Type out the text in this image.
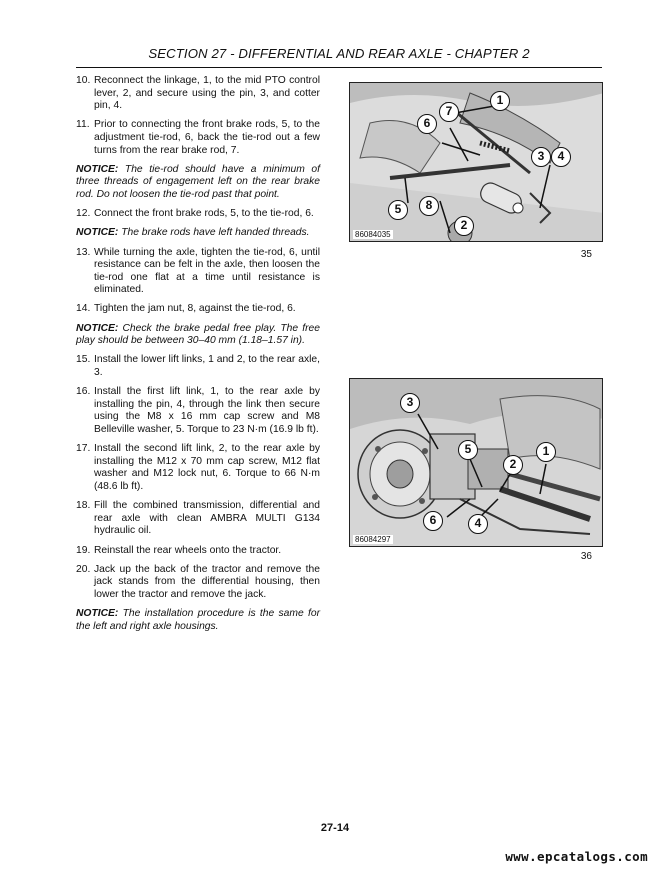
SECTION 27 - DIFFERENTIAL AND REAR AXLE - CHAPTER 2
10. Reconnect the linkage, 1, to the mid PTO control lever, 2, and secure using the pin, 3, and cotter pin, 4.
11. Prior to connecting the front brake rods, 5, to the adjustment tie-rod, 6, back the tie-rod out a few turns from the rear brake rod, 7.
NOTICE: The tie-rod should have a minimum of three threads of engagement left on the rear brake rod. Do not loosen the tie-rod past that point.
12. Connect the front brake rods, 5, to the tie-rod, 6.
NOTICE: The brake rods have left handed threads.
13. While turning the axle, tighten the tie-rod, 6, until resistance can be felt in the axle, then loosen the tie-rod one flat at a time until resistance is eliminated.
14. Tighten the jam nut, 8, against the tie-rod, 6.
NOTICE: Check the brake pedal free play. The free play should be between 30–40 mm (1.18–1.57 in).
15. Install the lower lift links, 1 and 2, to the rear axle, 3.
16. Install the first lift link, 1, to the rear axle by installing the pin, 4, through the link then secure using the M8 x 16 mm cap screw and M8 Belleville washer, 5. Torque to 23 N·m (16.9 lb ft).
17. Install the second lift link, 2, to the rear axle by installing the M12 x 70 mm cap screw, M12 flat washer and M12 lock nut, 6. Torque to 66 N·m (48.6 lb ft).
18. Fill the combined transmission, differential and rear axle with clean AMBRA MULTI G134 hydraulic oil.
19. Reinstall the rear wheels onto the tractor.
20. Jack up the back of the tractor and remove the jack stands from the differential housing, then lower the tractor and remove the jack.
NOTICE: The installation procedure is the same for the left and right axle housings.
1
7
6
3	4
5	8
2
86084035
35
3
5
2
1
6	4
86084297
36
27-14
www.epcatalogs.com
